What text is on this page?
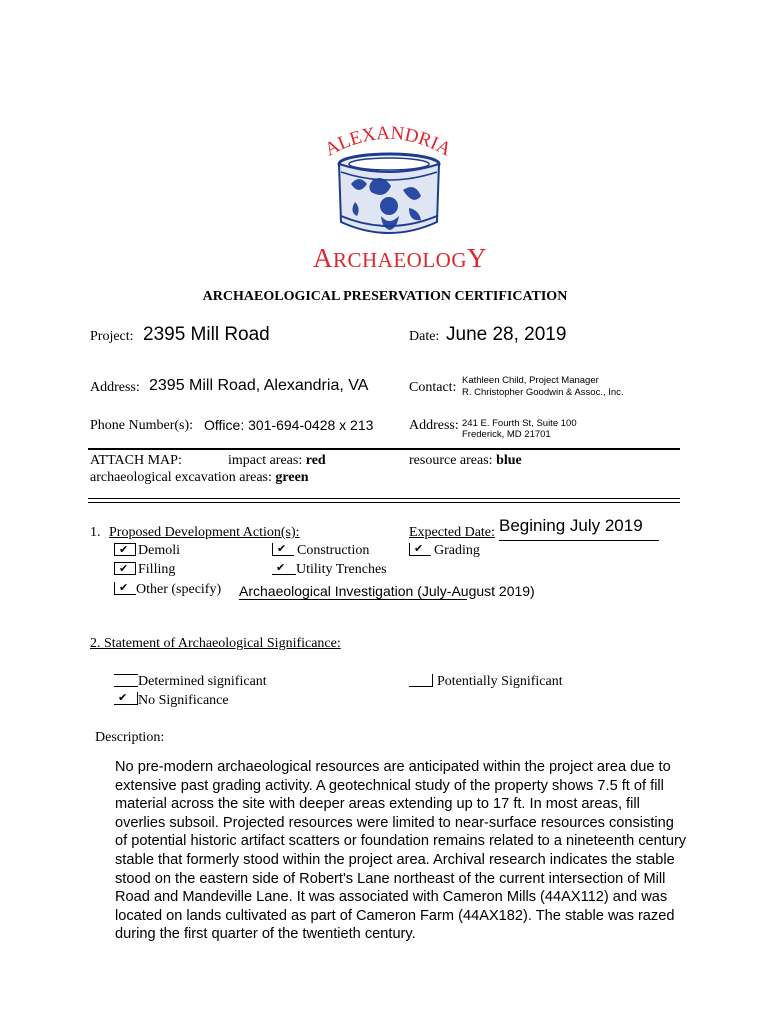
ALEXANDRIA
ARCHAEOLOGY
ARCHAEOLOGICAL PRESERVATION CERTIFICATION
Project: 2395 Mill Road	Date: June 28, 2019
Address: 2395 Mill Road, Alexandria, VA	Contact: Kathleen Child, Project Manager
R. Christopher Goodwin & Assoc., Inc.
Phone Number(s): Office: 301-694-0428 x 213	Address: 241 E. Fourth St, Suite 100
Frederick, MD 21701
ATTACH MAP:	impact areas: red	resource areas: blue
archaeological excavation areas: green
1. Proposed Development Action(s):	Expected Date: Begining July 2019
✔ Demoli	✔ Construction	✔ Grading
✔ Filling	✔ Utility Trenches
✔ Other (specify) Archaeological Investigation (July-August 2019)
2. Statement of Archaeological Significance:
Determined significant	Potentially Significant
✔ No Significance
Description:
No pre-modern archaeological resources are anticipated within the project area due to extensive past grading activity. A geotechnical study of the property shows 7.5 ft of fill material across the site with deeper areas extending up to 17 ft. In most areas, fill overlies subsoil. Projected resources were limited to near-surface resources consisting of potential historic artifact scatters or foundation remains related to a nineteenth century stable that formerly stood within the project area. Archival research indicates the stable stood on the eastern side of Robert's Lane northeast of the current intersection of Mill Road and Mandeville Lane. It was associated with Cameron Mills (44AX112) and was located on lands cultivated as part of Cameron Farm (44AX182). The stable was razed during the first quarter of the twentieth century.
